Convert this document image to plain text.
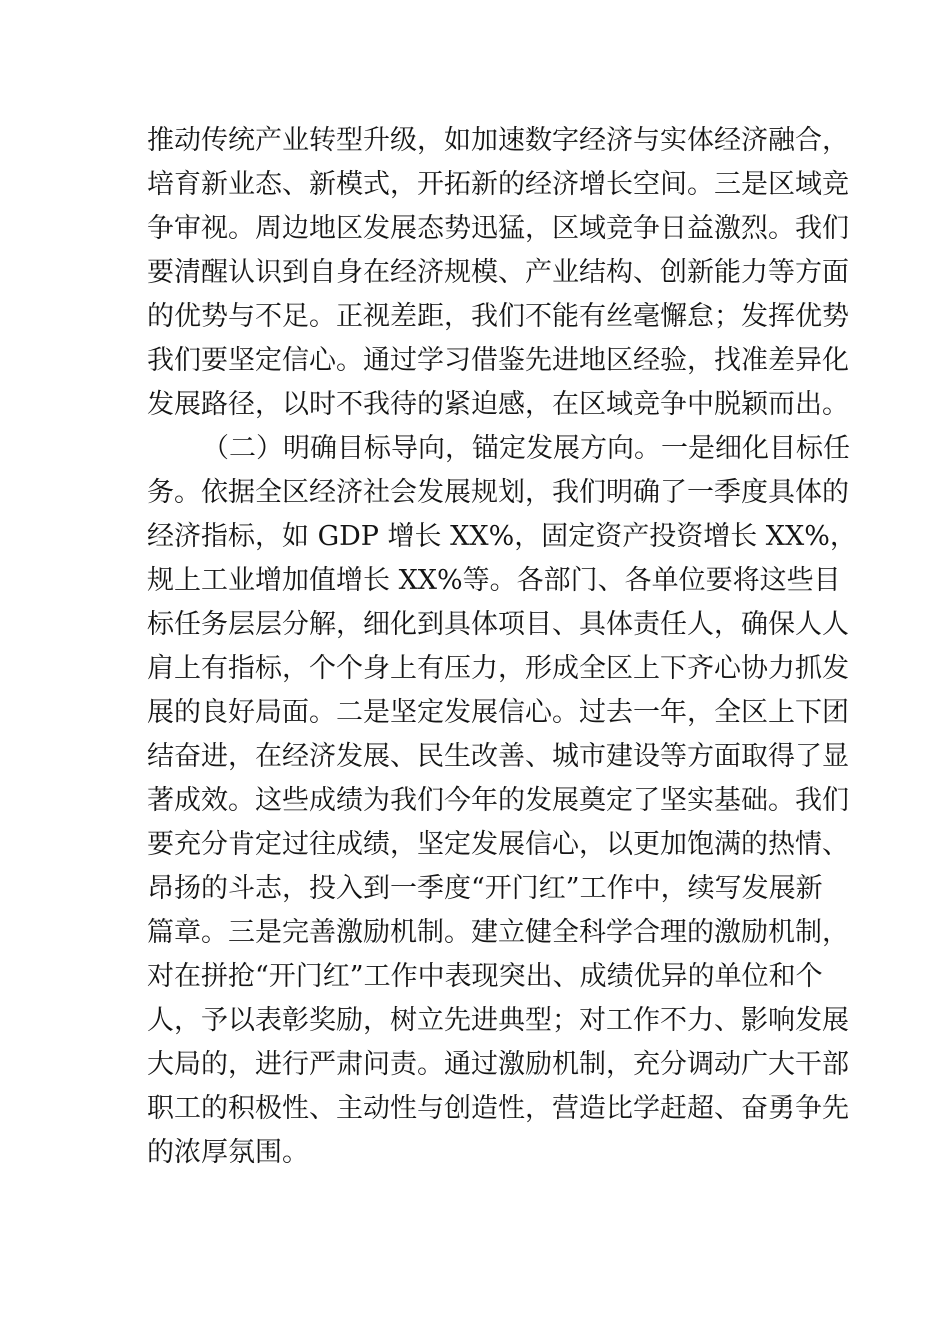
推动传统产业转型升级，如加速数字经济与实体经济融合，
培育新业态、新模式，开拓新的经济增长空间。三是区域竞
争审视。周边地区发展态势迅猛，区域竞争日益激烈。我们
要清醒认识到自身在经济规模、产业结构、创新能力等方面
的优势与不足。正视差距，我们不能有丝毫懈怠；发挥优势
我们要坚定信心。通过学习借鉴先进地区经验，找准差异化
发展路径，以时不我待的紧迫感，在区域竞争中脱颖而出。
（二）明确目标导向，锚定发展方向。一是细化目标任
务。依据全区经济社会发展规划，我们明确了一季度具体的
经济指标，如 GDP 增长 XX%，固定资产投资增长 XX%，
规上工业增加值增长 XX%等。各部门、各单位要将这些目
标任务层层分解，细化到具体项目、具体责任人，确保人人
肩上有指标，个个身上有压力，形成全区上下齐心协力抓发
展的良好局面。二是坚定发展信心。过去一年，全区上下团
结奋进，在经济发展、民生改善、城市建设等方面取得了显
著成效。这些成绩为我们今年的发展奠定了坚实基础。我们
要充分肯定过往成绩，坚定发展信心，以更加饱满的热情、
昂扬的斗志，投入到一季度“开门红”工作中，续写发展新
篇章。三是完善激励机制。建立健全科学合理的激励机制，
对在拼抢“开门红”工作中表现突出、成绩优异的单位和个
人，予以表彰奖励，树立先进典型；对工作不力、影响发展
大局的，进行严肃问责。通过激励机制，充分调动广大干部
职工的积极性、主动性与创造性，营造比学赶超、奋勇争先
的浓厚氛围。
